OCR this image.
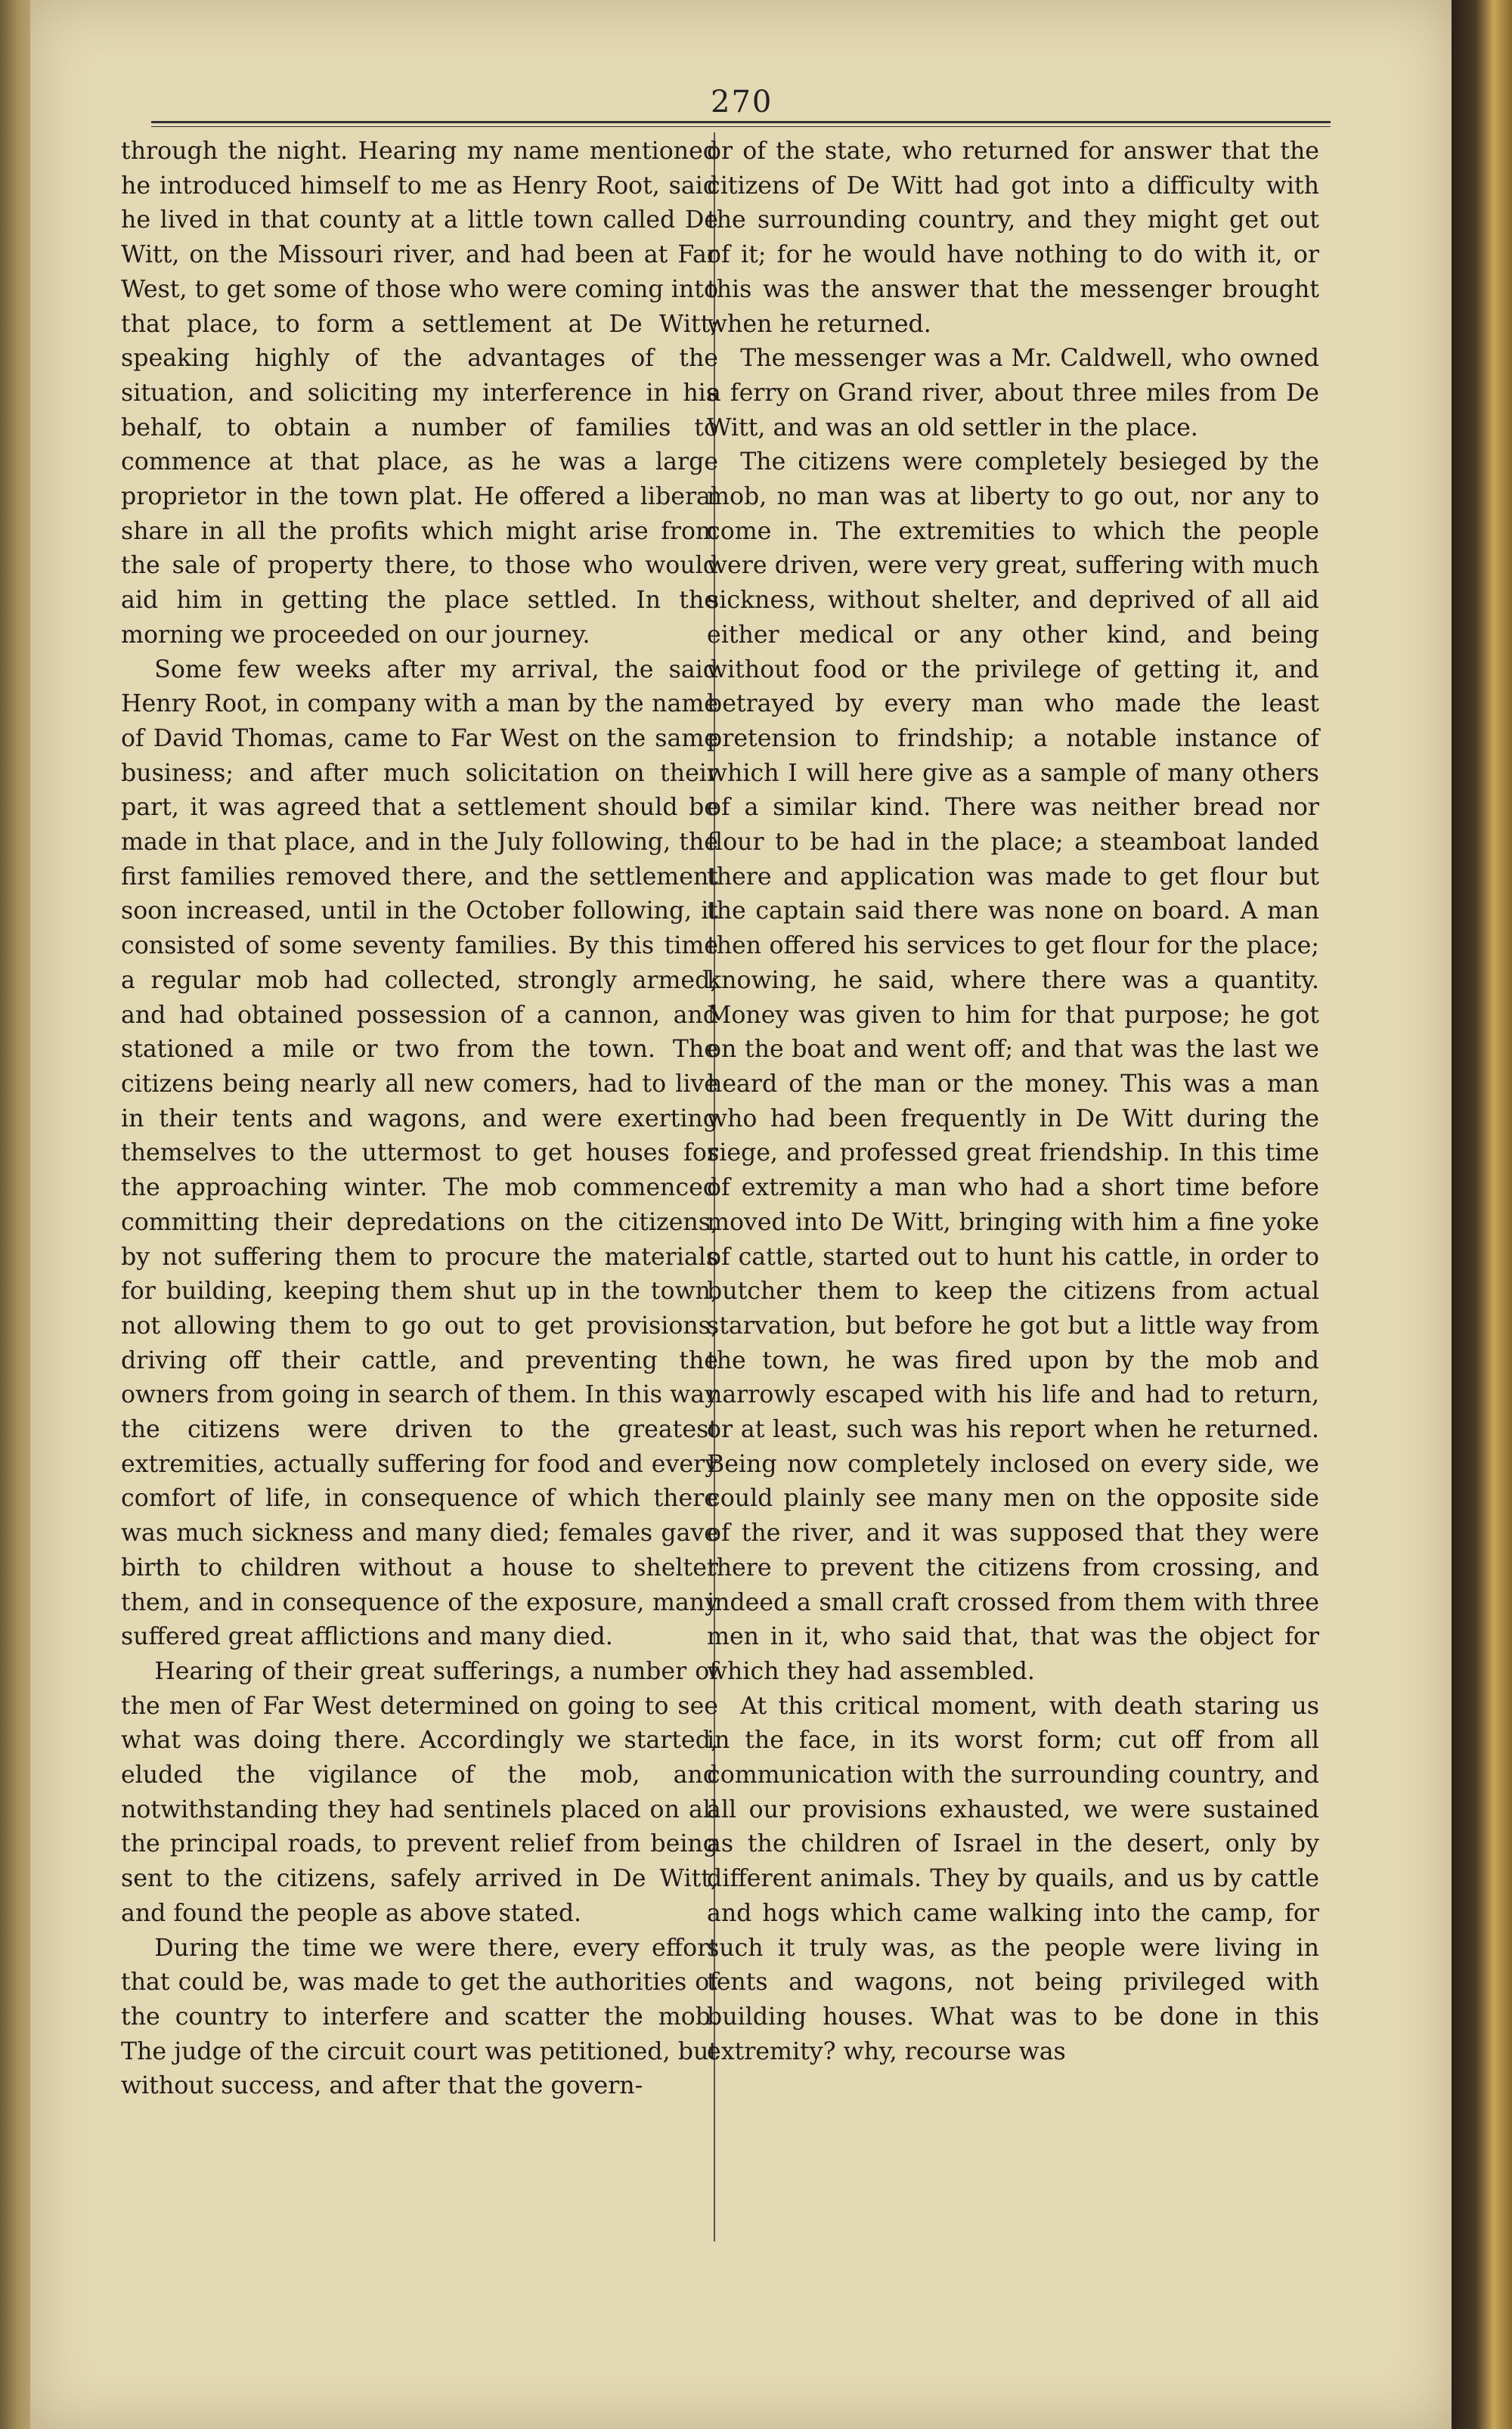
270

through the night. Hearing my name mentioned he introduced himself to me as Henry Root, said he lived in that county at a little town called De Witt, on the Missouri river, and had been at Far West, to get some of those who were coming into that place, to form a settlement at De Witt; speaking highly of the advantages of the situation, and soliciting my interference in his behalf, to obtain a number of families to commence at that place, as he was a large proprietor in the town plat. He offered a liberal share in all the profits which might arise from the sale of property there, to those who would aid him in getting the place settled. In the morning we proceeded on our journey.

Some few weeks after my arrival, the said Henry Root, in company with a man by the name of David Thomas, came to Far West on the same business; and after much solicitation on their part, it was agreed that a settlement should be made in that place, and in the July following, the first families removed there, and the settlement soon increased, until in the October following, it consisted of some seventy families. By this time a regular mob had collected, strongly armed; and had obtained possession of a cannon, and stationed a mile or two from the town. The citizens being nearly all new comers, had to live in their tents and wagons, and were exerting themselves to the uttermost to get houses for the approaching winter. The mob commenced committing their depredations on the citizens, by not suffering them to procure the materials for building, keeping them shut up in the town, not allowing them to go out to get provisions, driving off their cattle, and preventing the owners from going in search of them. In this way the citizens were driven to the greatest extremities, actually suffering for food and every comfort of life, in consequence of which there was much sickness and many died; females gave birth to children without a house to shelter them, and in consequence of the exposure, many suffered great afflictions and many died.

Hearing of their great sufferings, a number of the men of Far West determined on going to see what was doing there. Accordingly we started, eluded the vigilance of the mob, and notwithstanding they had sentinels placed on all the principal roads, to prevent relief from being sent to the citizens, safely arrived in De Witt, and found the people as above stated.

During the time we were there, every effort that could be, was made to get the authorities of the country to interfere and scatter the mob. The judge of the circuit court was petitioned, but without success, and after that the govern-

or of the state, who returned for answer that the citizens of De Witt had got into a difficulty with the surrounding country, and they might get out of it; for he would have nothing to do with it, or this was the answer that the messenger brought when he returned.

The messenger was a Mr. Caldwell, who owned a ferry on Grand river, about three miles from De Witt, and was an old settler in the place.

The citizens were completely besieged by the mob, no man was at liberty to go out, nor any to come in. The extremities to which the people were driven, were very great, suffering with much sickness, without shelter, and deprived of all aid either medical or any other kind, and being without food or the privilege of getting it, and betrayed by every man who made the least pretension to frindship; a notable instance of which I will here give as a sample of many others of a similar kind. There was neither bread nor flour to be had in the place; a steamboat landed there and application was made to get flour but the captain said there was none on board. A man then offered his services to get flour for the place; knowing, he said, where there was a quantity. Money was given to him for that purpose; he got on the boat and went off; and that was the last we heard of the man or the money. This was a man who had been frequently in De Witt during the siege, and professed great friendship. In this time of extremity a man who had a short time before moved into De Witt, bringing with him a fine yoke of cattle, started out to hunt his cattle, in order to butcher them to keep the citizens from actual starvation, but before he got but a little way from the town, he was fired upon by the mob and narrowly escaped with his life and had to return, or at least, such was his report when he returned. Being now completely inclosed on every side, we could plainly see many men on the opposite side of the river, and it was supposed that they were there to prevent the citizens from crossing, and indeed a small craft crossed from them with three men in it, who said that, that was the object for which they had assembled.

At this critical moment, with death staring us in the face, in its worst form; cut off from all communication with the surrounding country, and all our provisions exhausted, we were sustained as the children of Israel in the desert, only by different animals. They by quails, and us by cattle and hogs which came walking into the camp, for such it truly was, as the people were living in tents and wagons, not being privileged with building houses. What was to be done in this extremity? why, recourse was
